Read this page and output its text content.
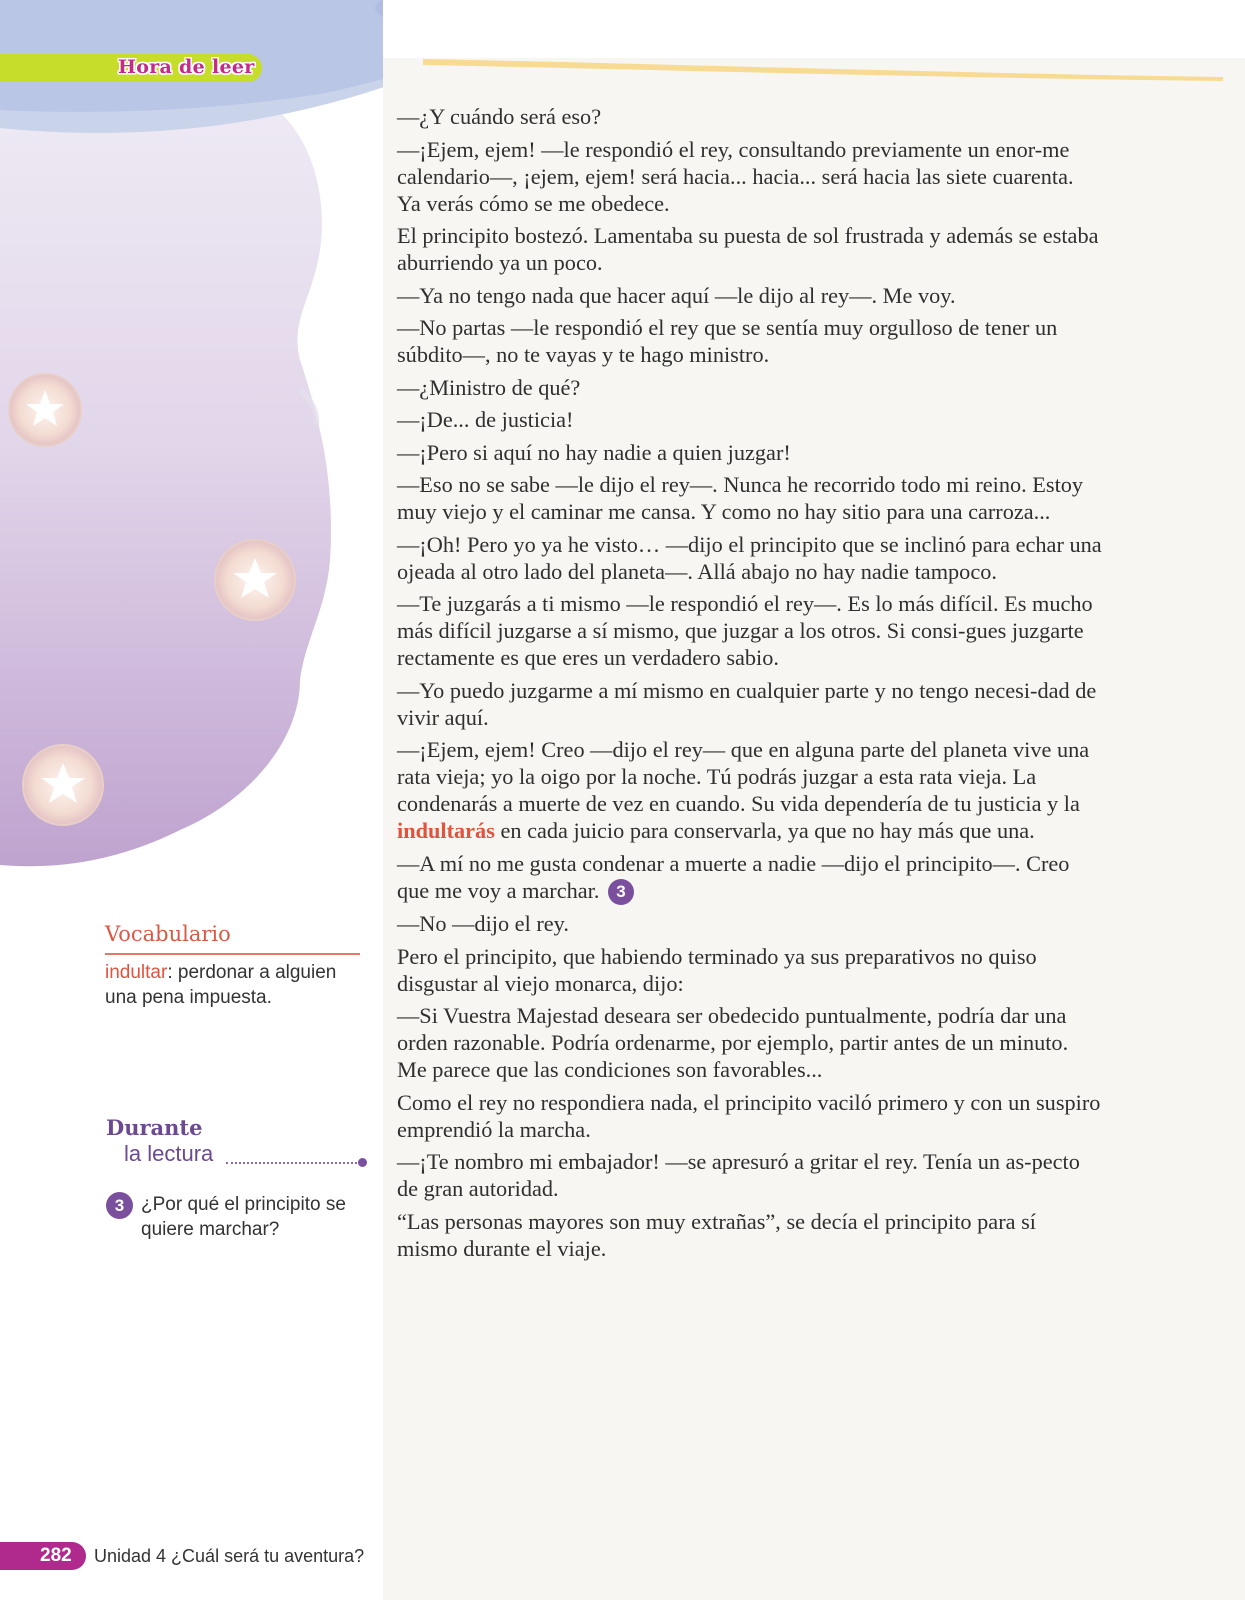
Hora de leer

—¿Y cuándo será eso?

—¡Ejem, ejem! —le respondió el rey, consultando previamente un enor-me calendario—, ¡ejem, ejem! será hacia... hacia... será hacia las siete cuarenta. Ya verás cómo se me obedece.

El principito bostezó. Lamentaba su puesta de sol frustrada y además se estaba aburriendo ya un poco.

—Ya no tengo nada que hacer aquí —le dijo al rey—. Me voy.

—No partas —le respondió el rey que se sentía muy orgulloso de tener un súbdito—, no te vayas y te hago ministro.

—¿Ministro de qué?

—¡De... de justicia!

—¡Pero si aquí no hay nadie a quien juzgar!

—Eso no se sabe —le dijo el rey—. Nunca he recorrido todo mi reino. Estoy muy viejo y el caminar me cansa. Y como no hay sitio para una carroza...

—¡Oh! Pero yo ya he visto… —dijo el principito que se inclinó para echar una ojeada al otro lado del planeta—. Allá abajo no hay nadie tampoco.

—Te juzgarás a ti mismo —le respondió el rey—. Es lo más difícil. Es mucho más difícil juzgarse a sí mismo, que juzgar a los otros. Si consi-gues juzgarte rectamente es que eres un verdadero sabio.

—Yo puedo juzgarme a mí mismo en cualquier parte y no tengo necesi-dad de vivir aquí.

—¡Ejem, ejem! Creo —dijo el rey— que en alguna parte del planeta vive una rata vieja; yo la oigo por la noche. Tú podrás juzgar a esta rata vieja. La condenarás a muerte de vez en cuando. Su vida dependería de tu justicia y la indultarás en cada juicio para conservarla, ya que no hay más que una.

—A mí no me gusta condenar a muerte a nadie —dijo el principito—. Creo que me voy a marchar. 3

—No —dijo el rey.

Pero el principito, que habiendo terminado ya sus preparativos no quiso disgustar al viejo monarca, dijo:

—Si Vuestra Majestad deseara ser obedecido puntualmente, podría dar una orden razonable. Podría ordenarme, por ejemplo, partir antes de un minuto. Me parece que las condiciones son favorables...

Como el rey no respondiera nada, el principito vaciló primero y con un suspiro emprendió la marcha.

—¡Te nombro mi embajador! —se apresuró a gritar el rey. Tenía un as-pecto de gran autoridad.

“Las personas mayores son muy extrañas”, se decía el principito para sí mismo durante el viaje.

Vocabulario
indultar: perdonar a alguien una pena impuesta.
Durante
la lectura
3 ¿Por qué el principito se quiere marchar?
282 Unidad 4 ¿Cuál será tu aventura?
